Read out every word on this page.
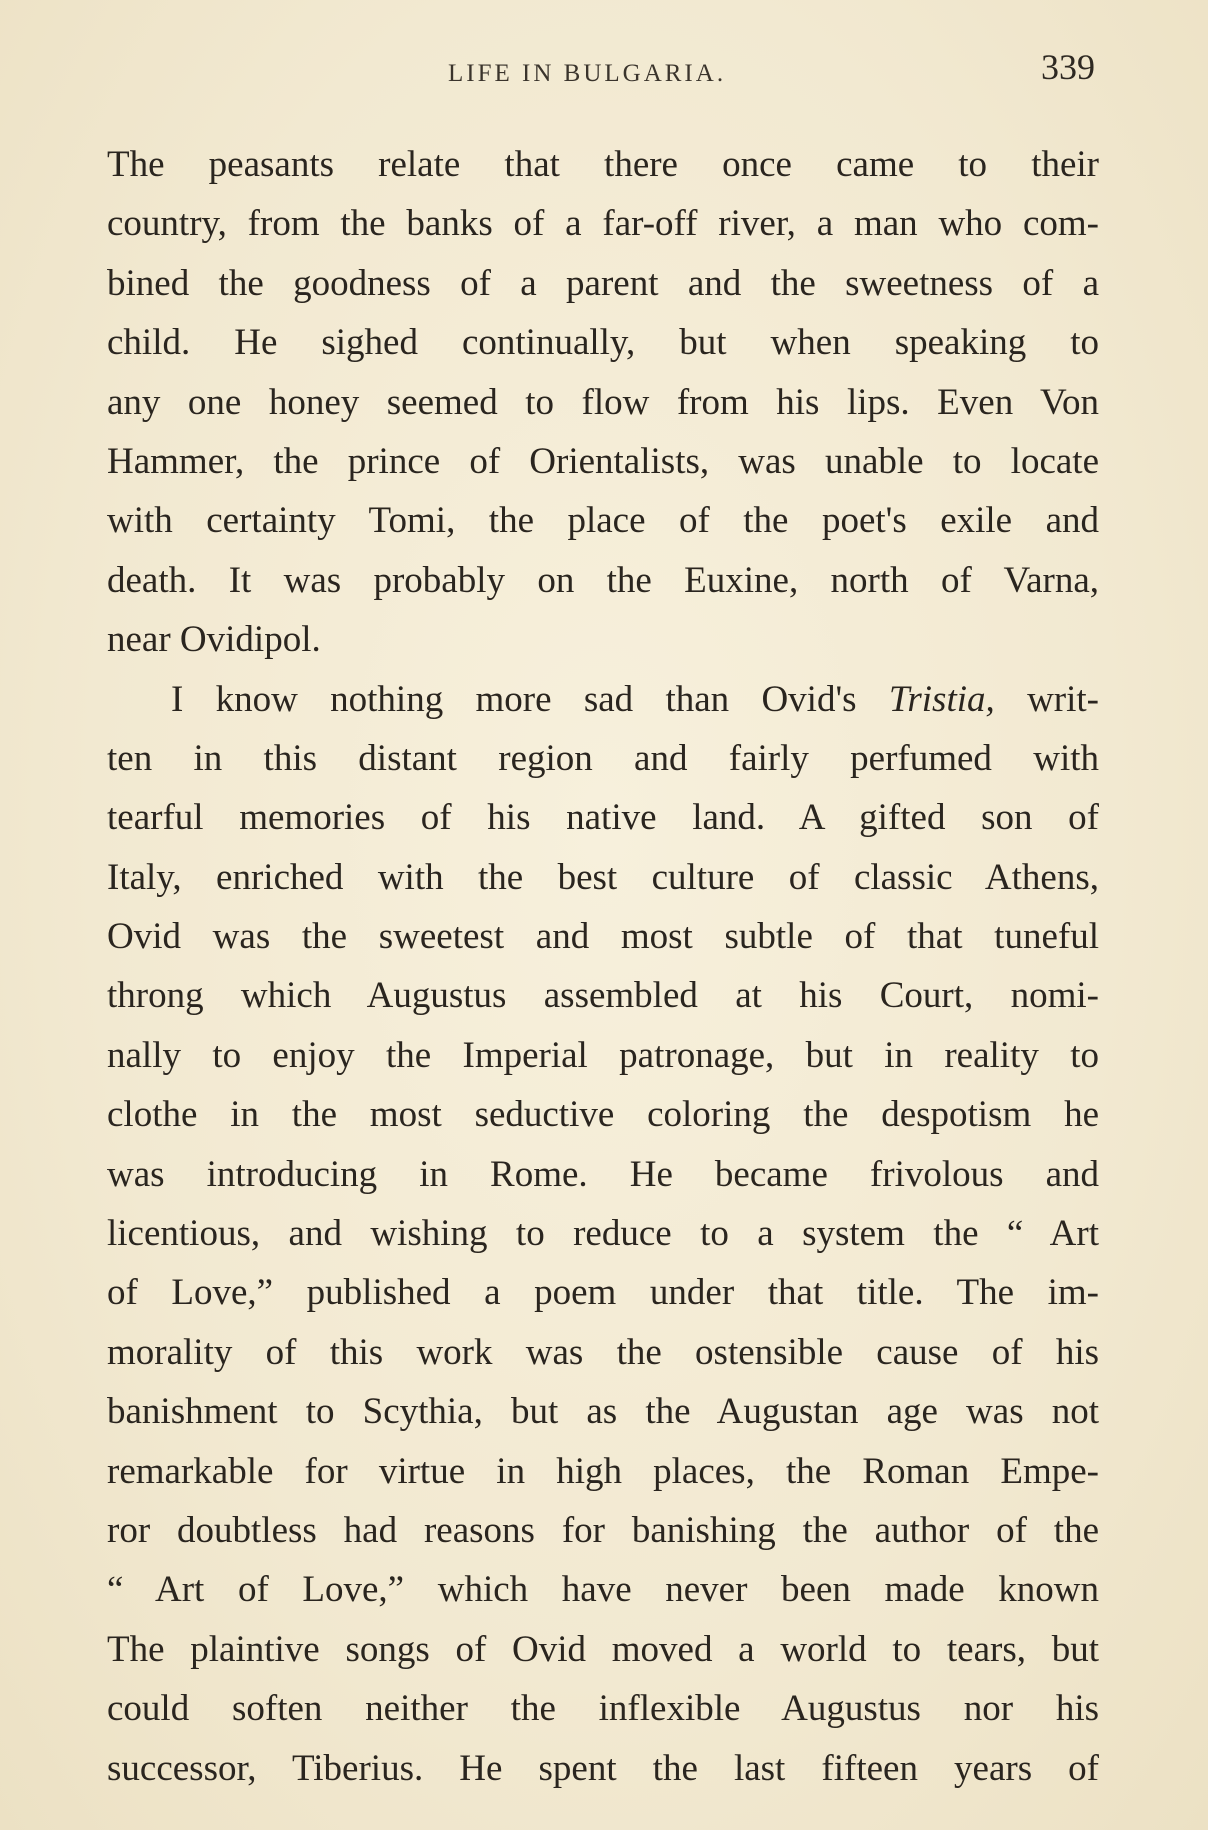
LIFE IN BULGARIA.	339
The peasants relate that there once came to their
country, from the banks of a far-off river, a man who com-
bined the goodness of a parent and the sweetness of a
child. He sighed continually, but when speaking to
any one honey seemed to flow from his lips. Even Von
Hammer, the prince of Orientalists, was unable to locate
with certainty Tomi, the place of the poet's exile and
death. It was probably on the Euxine, north of Varna,
near Ovidipol.
I know nothing more sad than Ovid's Tristia, writ-
ten in this distant region and fairly perfumed with
tearful memories of his native land. A gifted son of
Italy, enriched with the best culture of classic Athens,
Ovid was the sweetest and most subtle of that tuneful
throng which Augustus assembled at his Court, nomi-
nally to enjoy the Imperial patronage, but in reality to
clothe in the most seductive coloring the despotism he
was introducing in Rome. He became frivolous and
licentious, and wishing to reduce to a system the “ Art
of Love,” published a poem under that title. The im-
morality of this work was the ostensible cause of his
banishment to Scythia, but as the Augustan age was not
remarkable for virtue in high places, the Roman Empe-
ror doubtless had reasons for banishing the author of the
“ Art of Love,” which have never been made known
The plaintive songs of Ovid moved a world to tears, but
could soften neither the inflexible Augustus nor his
successor, Tiberius. He spent the last fifteen years of
